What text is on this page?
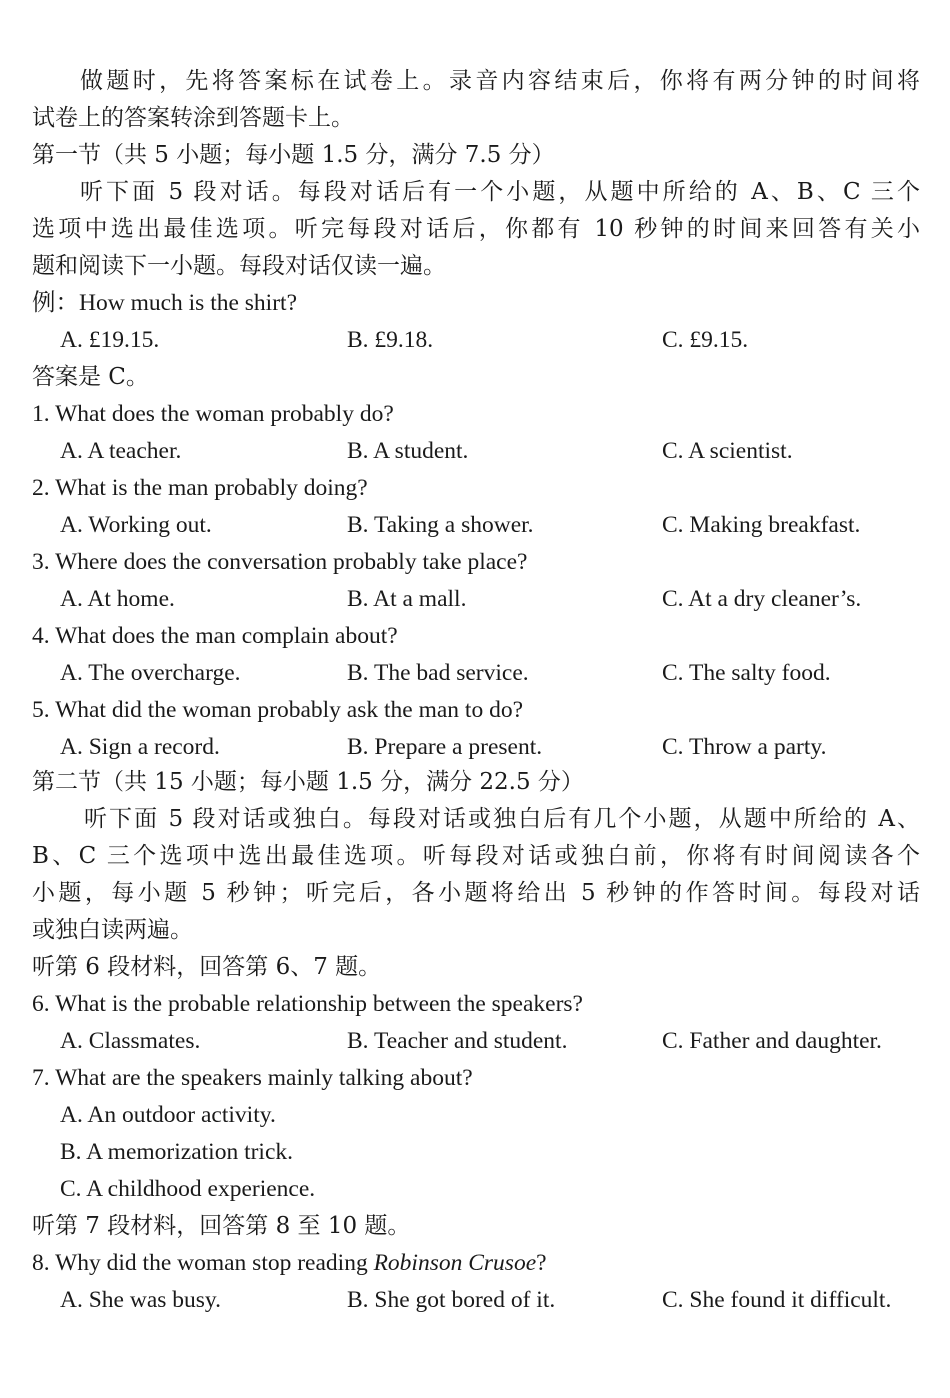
做题时，先将答案标在试卷上。录音内容结束后，你将有两分钟的时间将
试卷上的答案转涂到答题卡上。
第一节（共 5 小题；每小题 1.5 分，满分 7.5 分）
听下面 5 段对话。每段对话后有一个小题，从题中所给的 A、B、C 三个
选项中选出最佳选项。听完每段对话后，你都有 10 秒钟的时间来回答有关小
题和阅读下一小题。每段对话仅读一遍。
例：How much is the shirt?
A. £19.15.	B. £9.18.	C. £9.15.
答案是 C。
1. What does the woman probably do?
A. A teacher.	B. A student.	C. A scientist.
2. What is the man probably doing?
A. Working out.	B. Taking a shower.	C. Making breakfast.
3. Where does the conversation probably take place?
A. At home.	B. At a mall.	C. At a dry cleaner’s.
4. What does the man complain about?
A. The overcharge.	B. The bad service.	C. The salty food.
5. What did the woman probably ask the man to do?
A. Sign a record.	B. Prepare a present.	C. Throw a party.
第二节（共 15 小题；每小题 1.5 分，满分 22.5 分）
听下面 5 段对话或独白。每段对话或独白后有几个小题，从题中所给的 A、
B、C 三个选项中选出最佳选项。听每段对话或独白前，你将有时间阅读各个
小题，每小题 5 秒钟；听完后，各小题将给出 5 秒钟的作答时间。每段对话
或独白读两遍。
听第 6 段材料，回答第 6、7 题。
6. What is the probable relationship between the speakers?
A. Classmates.	B. Teacher and student.	C. Father and daughter.
7. What are the speakers mainly talking about?
A. An outdoor activity.
B. A memorization trick.
C. A childhood experience.
听第 7 段材料，回答第 8 至 10 题。
8. Why did the woman stop reading Robinson Crusoe?
A. She was busy.	B. She got bored of it.	C. She found it difficult.
